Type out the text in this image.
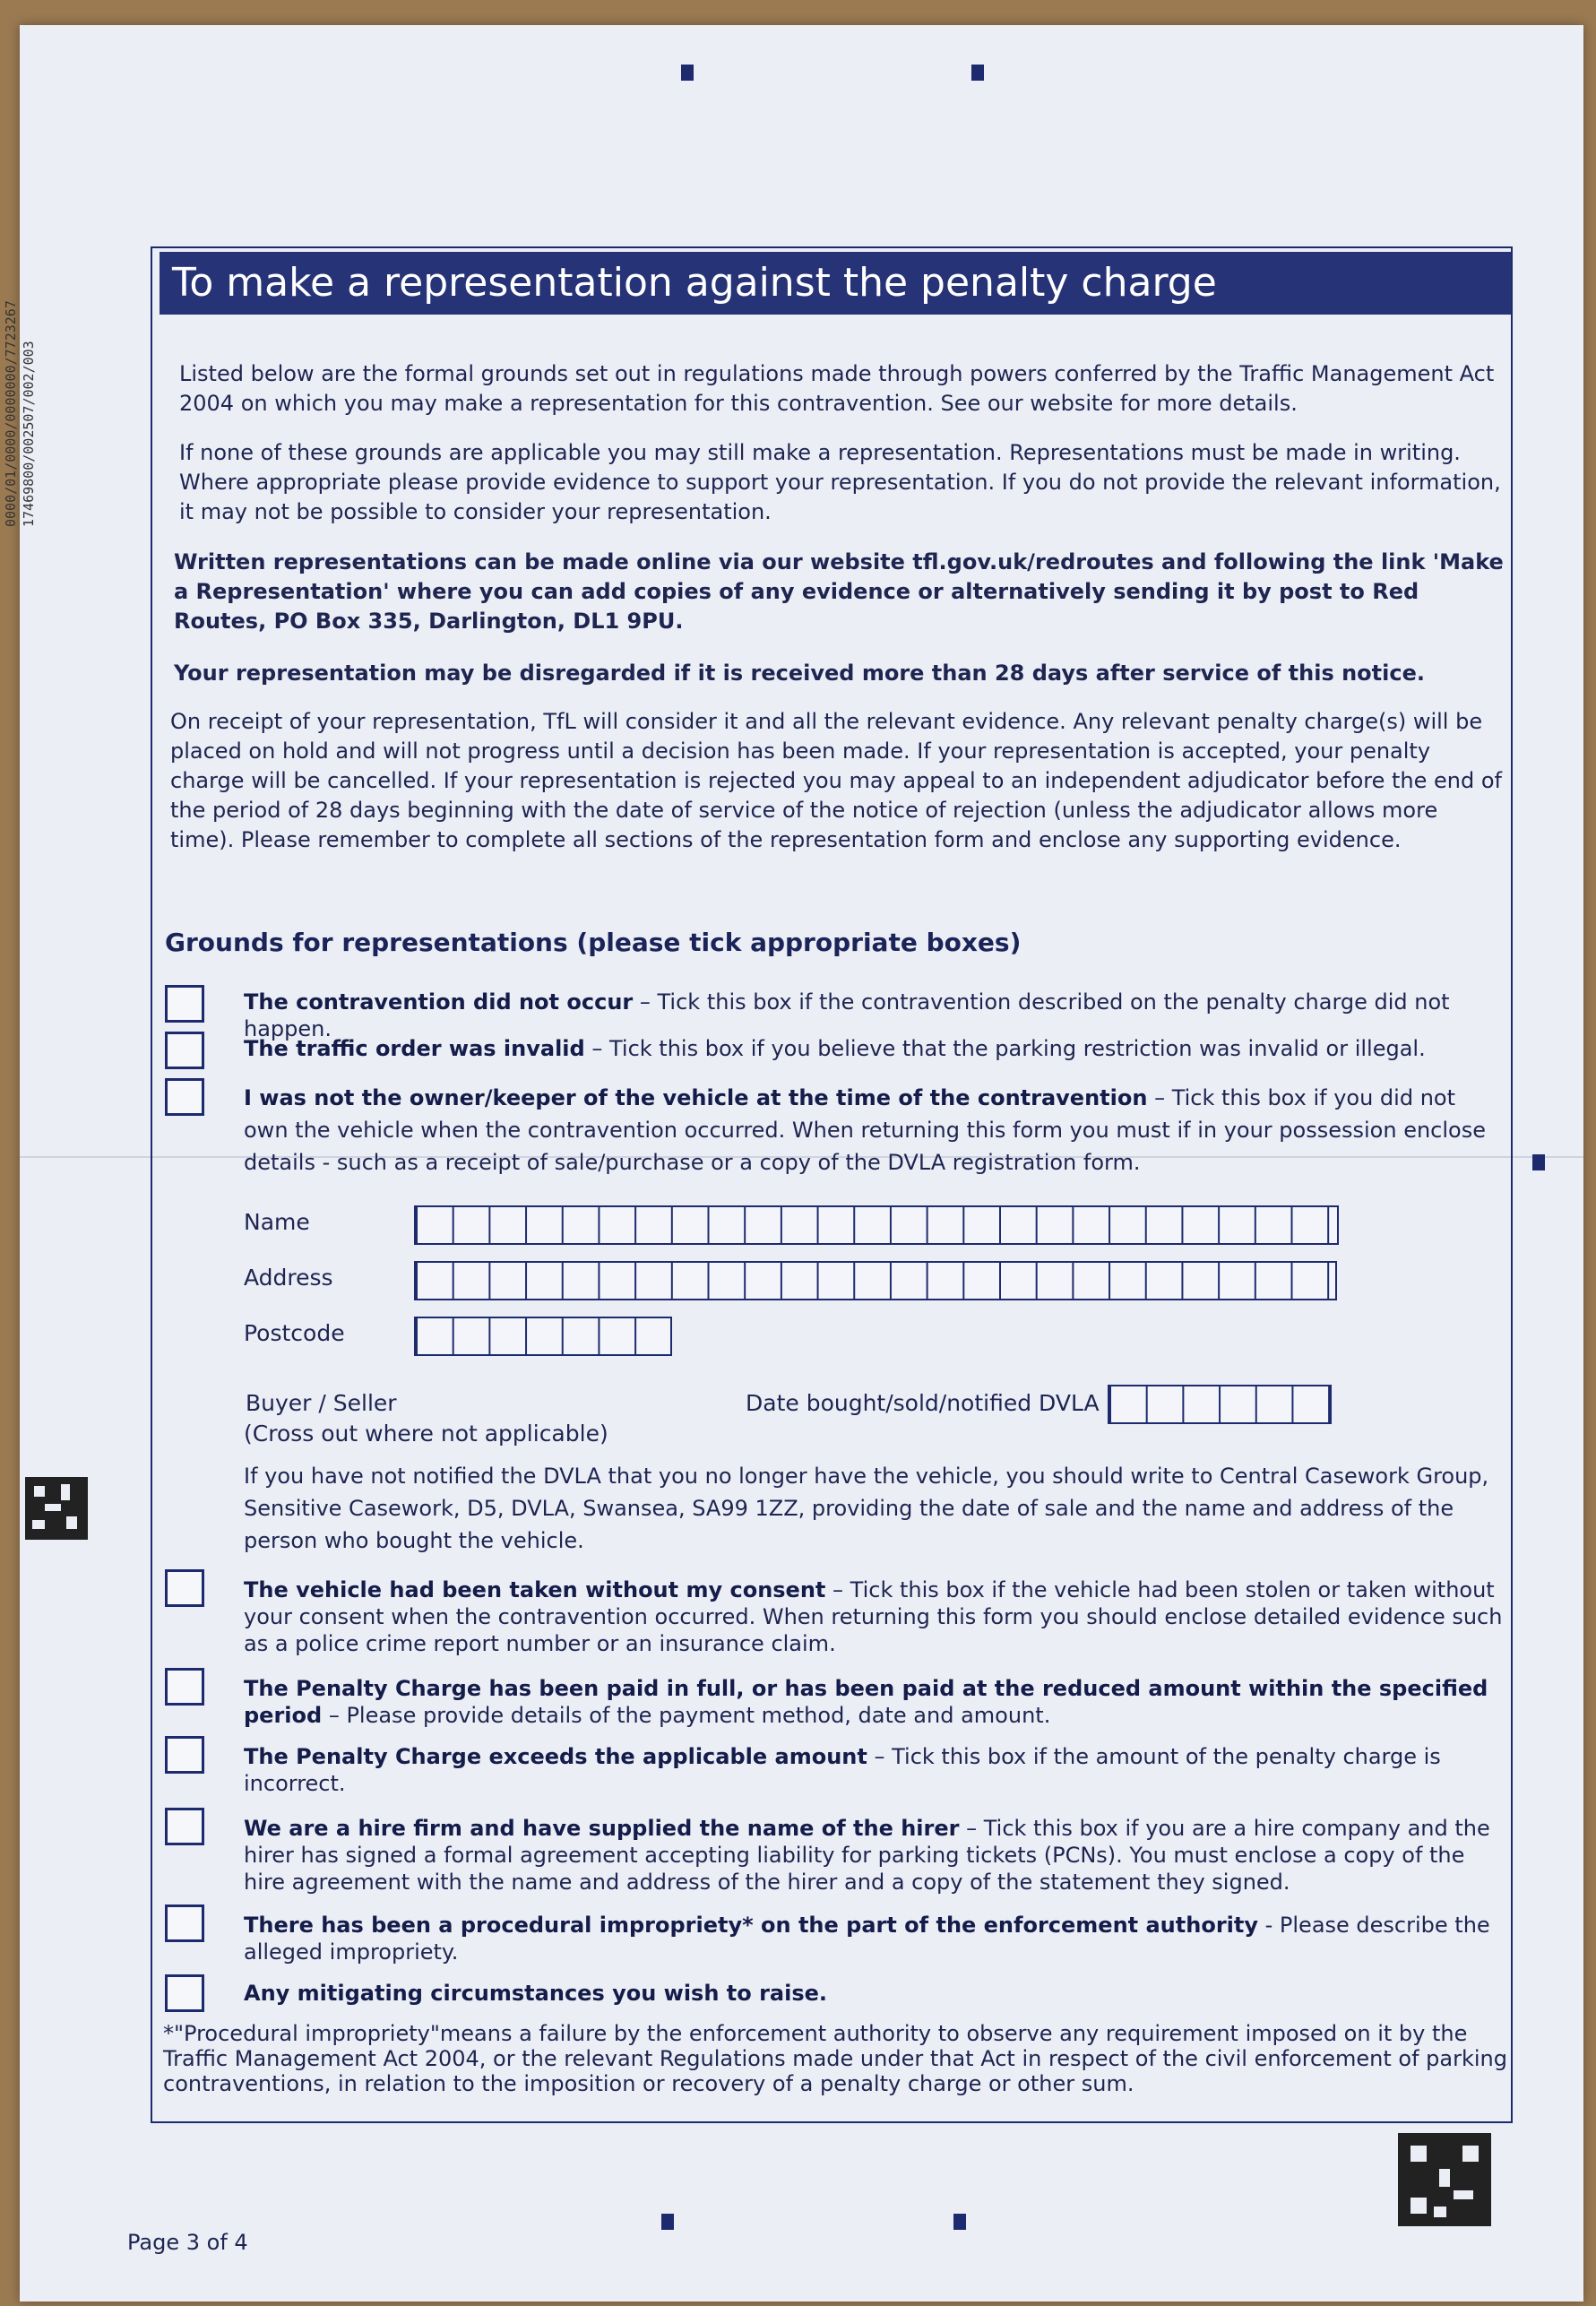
0000/01/0000/0000000/7723267 17469800/002507/002/003
To make a representation against the penalty charge
Listed below are the formal grounds set out in regulations made through powers conferred by the Traffic Management Act 2004 on which you may make a representation for this contravention. See our website for more details.
If none of these grounds are applicable you may still make a representation. Representations must be made in writing. Where appropriate please provide evidence to support your representation. If you do not provide the relevant information, it may not be possible to consider your representation.
Written representations can be made online via our website tfl.gov.uk/redroutes and following the link 'Make a Representation' where you can add copies of any evidence or alternatively sending it by post to Red Routes, PO Box 335, Darlington, DL1 9PU.
Your representation may be disregarded if it is received more than 28 days after service of this notice.
On receipt of your representation, TfL will consider it and all the relevant evidence. Any relevant penalty charge(s) will be placed on hold and will not progress until a decision has been made. If your representation is accepted, your penalty charge will be cancelled. If your representation is rejected you may appeal to an independent adjudicator before the end of the period of 28 days beginning with the date of service of the notice of rejection (unless the adjudicator allows more time). Please remember to complete all sections of the representation form and enclose any supporting evidence.
Grounds for representations (please tick appropriate boxes)
The contravention did not occur – Tick this box if the contravention described on the penalty charge did not happen.
The traffic order was invalid – Tick this box if you believe that the parking restriction was invalid or illegal.
I was not the owner/keeper of the vehicle at the time of the contravention – Tick this box if you did not own the vehicle when the contravention occurred. When returning this form you must if in your possession enclose details - such as a receipt of sale/purchase or a copy of the DVLA registration form.
Name
Address
Postcode
Buyer / Seller
(Cross out where not applicable)
Date bought/sold/notified DVLA
If you have not notified the DVLA that you no longer have the vehicle, you should write to Central Casework Group, Sensitive Casework, D5, DVLA, Swansea, SA99 1ZZ, providing the date of sale and the name and address of the person who bought the vehicle.
The vehicle had been taken without my consent – Tick this box if the vehicle had been stolen or taken without your consent when the contravention occurred. When returning this form you should enclose detailed evidence such as a police crime report number or an insurance claim.
The Penalty Charge has been paid in full, or has been paid at the reduced amount within the specified period – Please provide details of the payment method, date and amount.
The Penalty Charge exceeds the applicable amount – Tick this box if the amount of the penalty charge is incorrect.
We are a hire firm and have supplied the name of the hirer – Tick this box if you are a hire company and the hirer has signed a formal agreement accepting liability for parking tickets (PCNs). You must enclose a copy of the hire agreement with the name and address of the hirer and a copy of the statement they signed.
There has been a procedural impropriety* on the part of the enforcement authority - Please describe the alleged impropriety.
Any mitigating circumstances you wish to raise.
*"Procedural impropriety"means a failure by the enforcement authority to observe any requirement imposed on it by the Traffic Management Act 2004, or the relevant Regulations made under that Act in respect of the civil enforcement of parking contraventions, in relation to the imposition or recovery of a penalty charge or other sum.
Page 3 of 4
